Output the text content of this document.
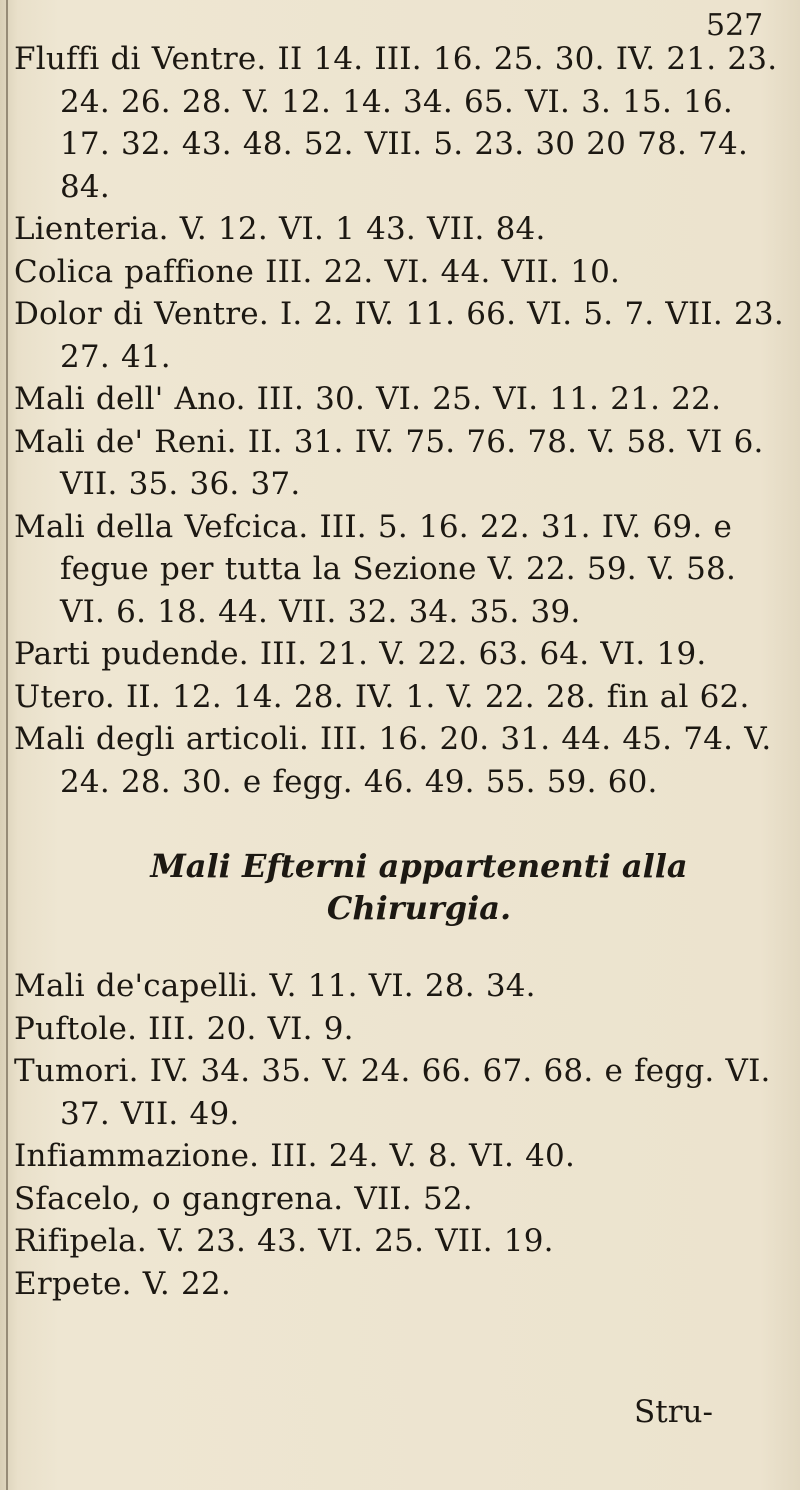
527
Fluffi di Ventre. II 14. III. 16. 25. 30. IV. 21. 23. 24. 26. 28. V. 12. 14. 34. 65. VI. 3. 15. 16. 17. 32. 43. 48. 52. VII. 5. 23. 30 20 78. 74. 84.
Lienteria. V. 12. VI. 1 43. VII. 84.
Colica paffione III. 22. VI. 44. VII. 10.
Dolor di Ventre. I. 2. IV. 11. 66. VI. 5. 7. VII. 23. 27. 41.
Mali dell' Ano. III. 30. VI. 25. VI. 11. 21. 22.
Mali de' Reni. II. 31. IV. 75. 76. 78. V. 58. VI 6. VII. 35. 36. 37.
Mali della Vefcica. III. 5. 16. 22. 31. IV. 69. e fegue per tutta la Sezione V. 22. 59. V. 58. VI. 6. 18. 44. VII. 32. 34. 35. 39.
Parti pudende. III. 21. V. 22. 63. 64. VI. 19.
Utero. II. 12. 14. 28. IV. 1. V. 22. 28. fin al 62.
Mali degli articoli. III. 16. 20. 31. 44. 45. 74. V. 24. 28. 30. e fegg. 46. 49. 55. 59. 60.
Mali Efterni appartenenti alla
Chirurgia.
Mali de'capelli. V. 11. VI. 28. 34.
Puftole. III. 20. VI. 9.
Tumori. IV. 34. 35. V. 24. 66. 67. 68. e fegg. VI. 37. VII. 49.
Infiammazione. III. 24. V. 8. VI. 40.
Sfacelo, o gangrena. VII. 52.
Rifipela. V. 23. 43. VI. 25. VII. 19.
Erpete. V. 22.
Stru-
